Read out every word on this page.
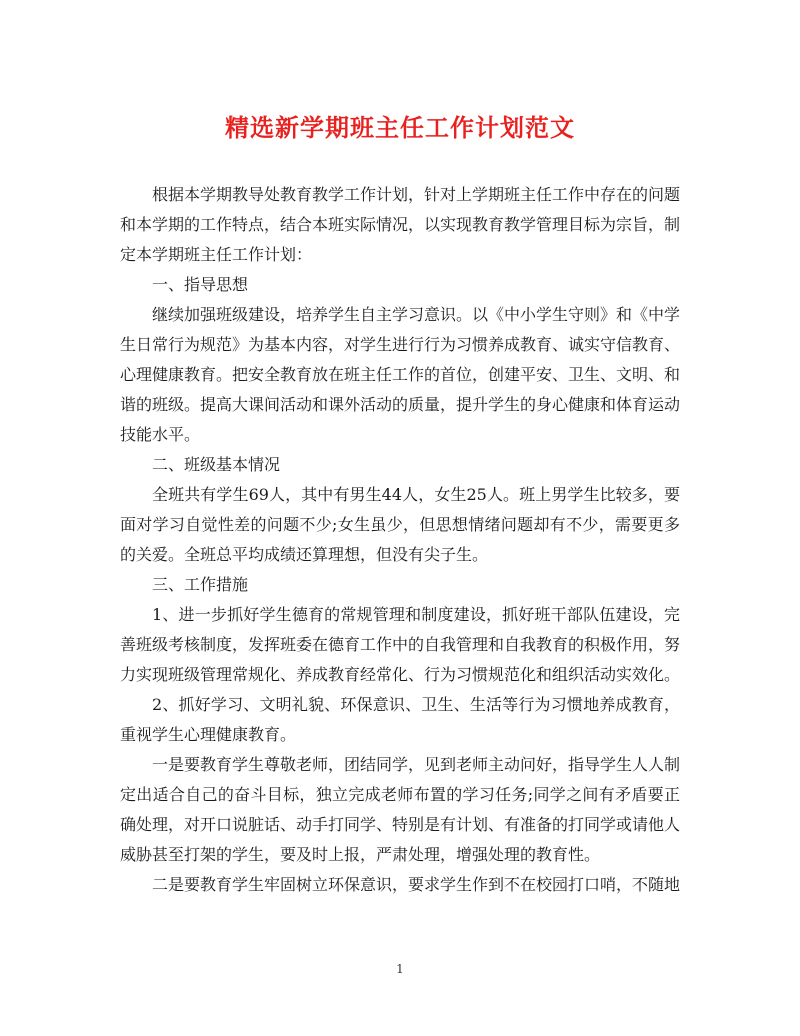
精选新学期班主任工作计划范文

根据本学期教导处教育教学工作计划，针对上学期班主任工作中存在的问题和本学期的工作特点，结合本班实际情况，以实现教育教学管理目标为宗旨，制定本学期班主任工作计划：

一、指导思想

继续加强班级建设，培养学生自主学习意识。以《中小学生守则》和《中学生日常行为规范》为基本内容，对学生进行行为习惯养成教育、诚实守信教育、心理健康教育。把安全教育放在班主任工作的首位，创建平安、卫生、文明、和谐的班级。提高大课间活动和课外活动的质量，提升学生的身心健康和体育运动技能水平。

二、班级基本情况

全班共有学生69人，其中有男生44人，女生25人。班上男学生比较多，要面对学习自觉性差的问题不少;女生虽少，但思想情绪问题却有不少，需要更多的关爱。全班总平均成绩还算理想，但没有尖子生。

三、工作措施

1、进一步抓好学生德育的常规管理和制度建设，抓好班干部队伍建设，完善班级考核制度，发挥班委在德育工作中的自我管理和自我教育的积极作用，努力实现班级管理常规化、养成教育经常化、行为习惯规范化和组织活动实效化。

2、抓好学习、文明礼貌、环保意识、卫生、生活等行为习惯地养成教育，重视学生心理健康教育。

一是要教育学生尊敬老师，团结同学，见到老师主动问好，指导学生人人制定出适合自己的奋斗目标，独立完成老师布置的学习任务;同学之间有矛盾要正确处理，对开口说脏话、动手打同学、特别是有计划、有准备的打同学或请他人威胁甚至打架的学生，要及时上报，严肃处理，增强处理的教育性。

二是要教育学生牢固树立环保意识，要求学生作到不在校园打口哨，不随地

1
